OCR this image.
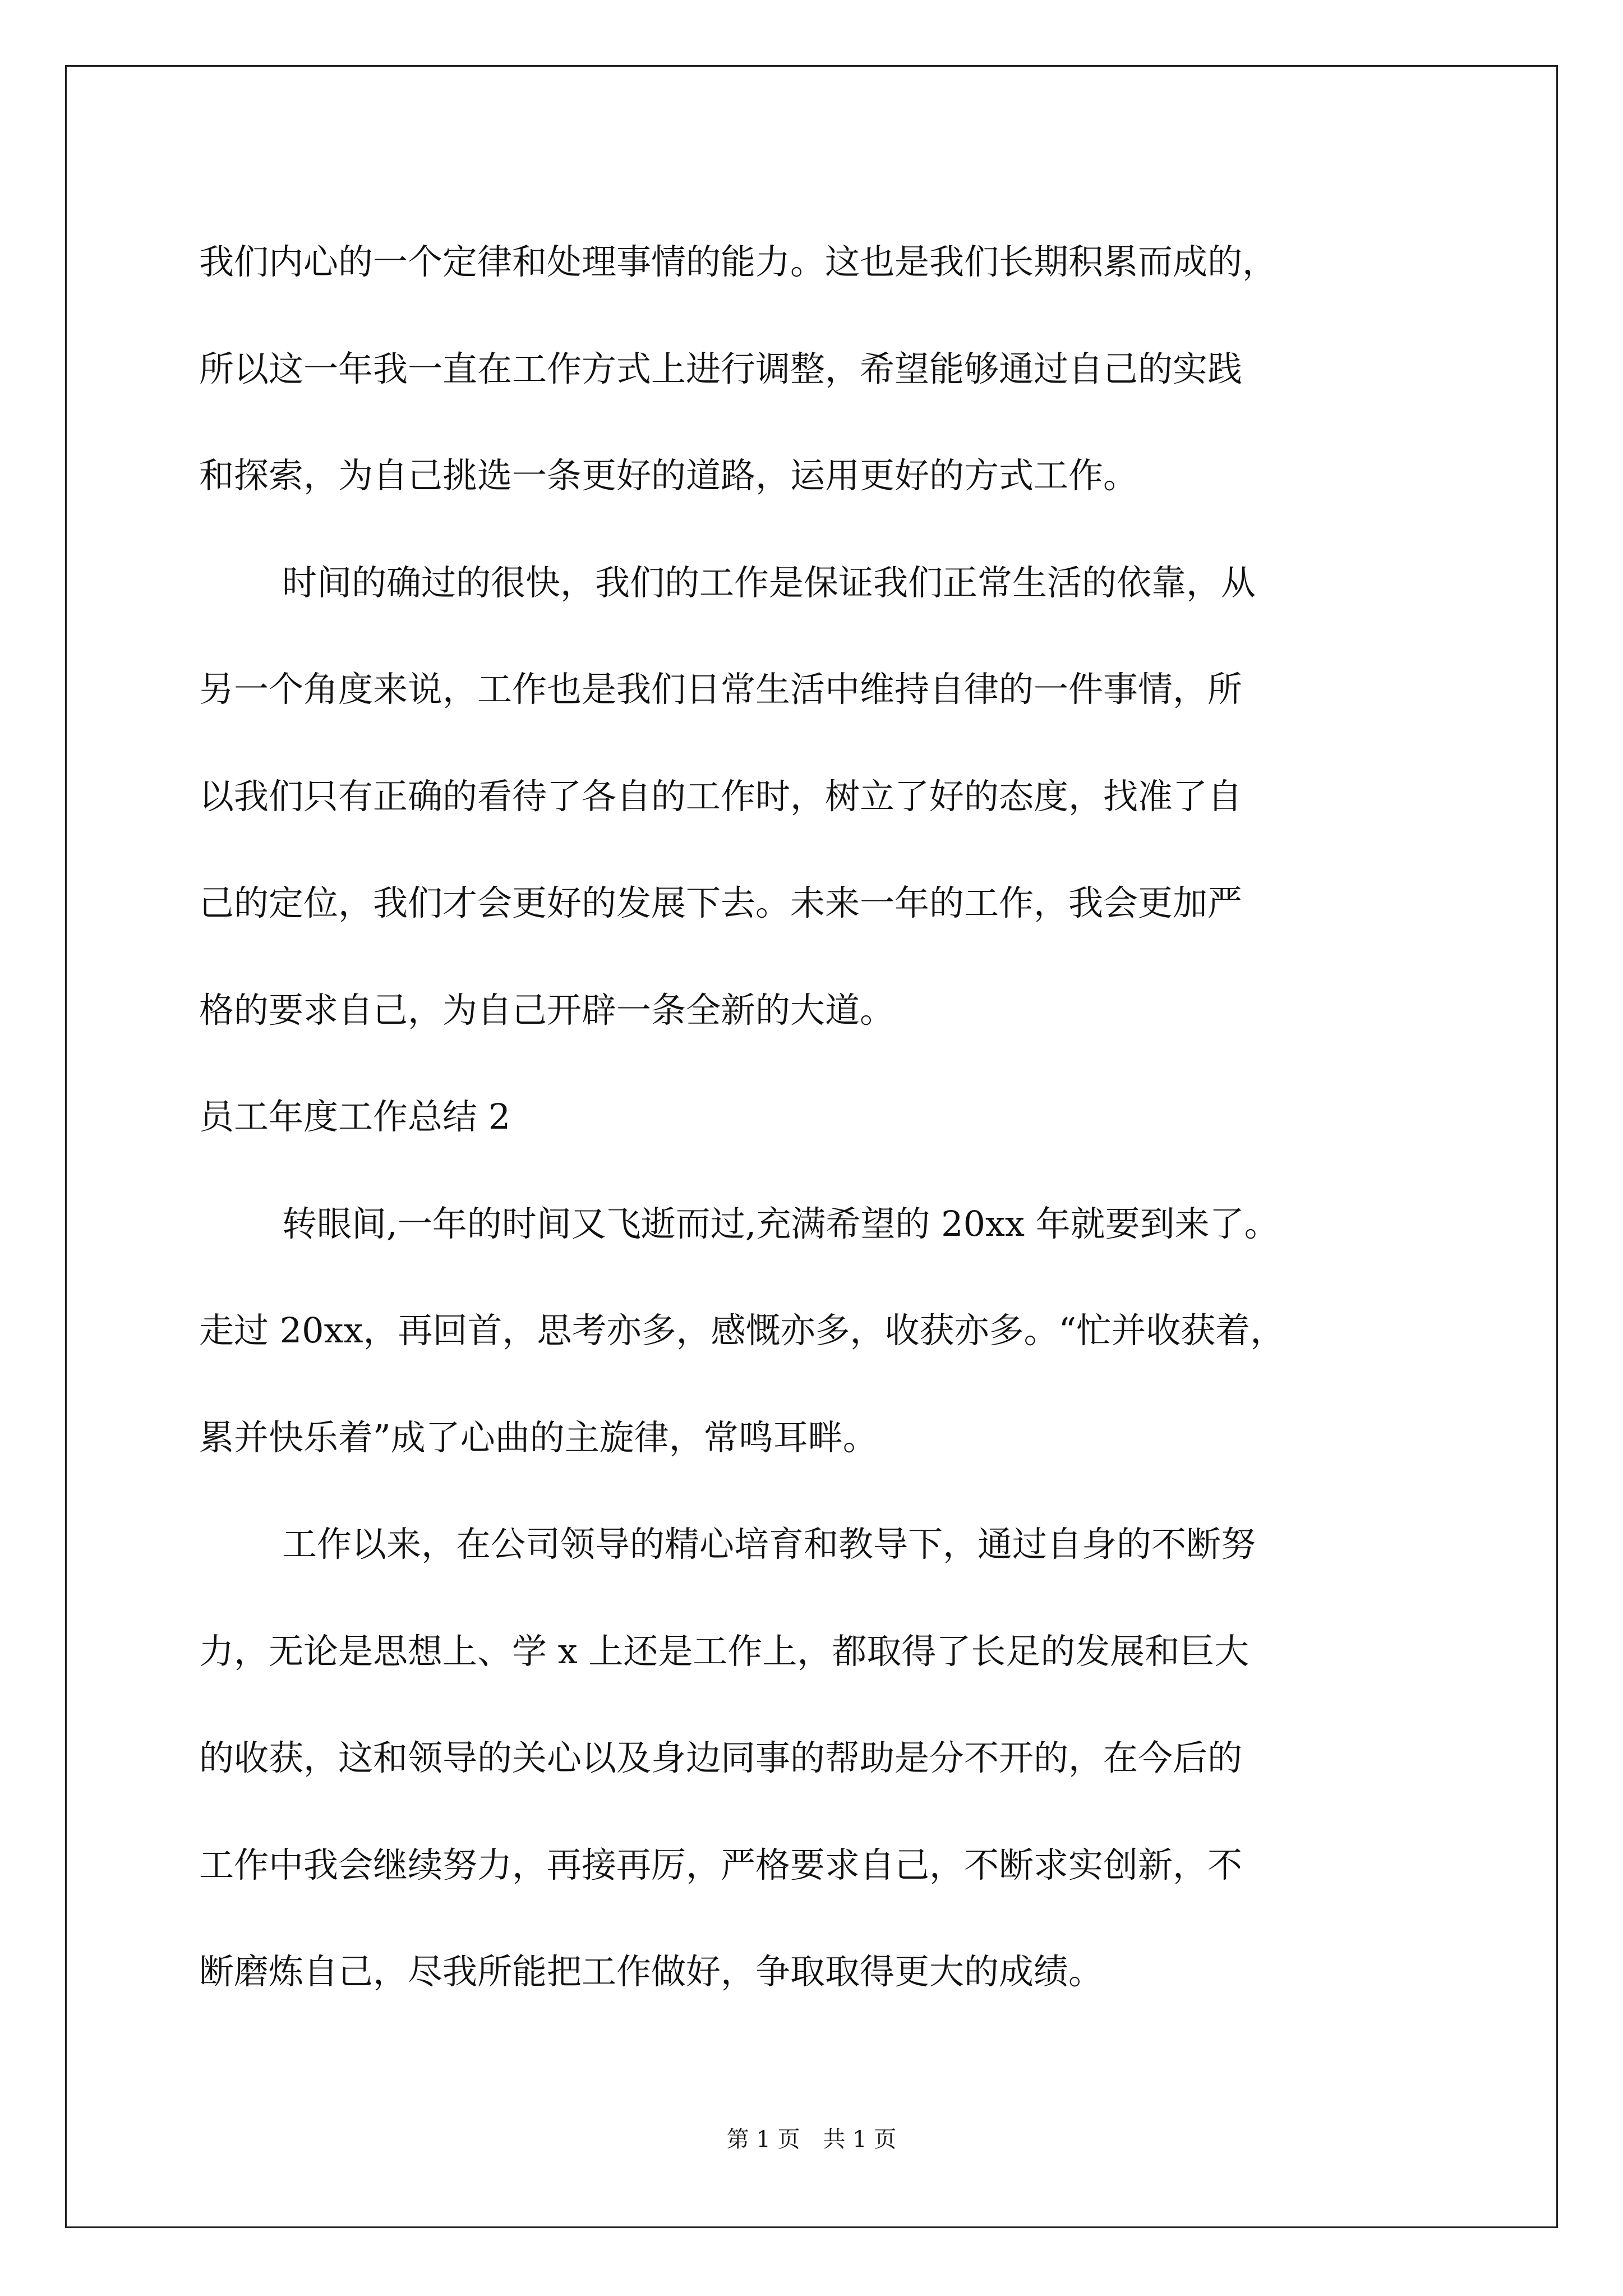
我们内心的一个定律和处理事情的能力。这也是我们长期积累而成的，
所以这一年我一直在工作方式上进行调整，希望能够通过自己的实践
和探索，为自己挑选一条更好的道路，运用更好的方式工作。
时间的确过的很快，我们的工作是保证我们正常生活的依靠，从
另一个角度来说，工作也是我们日常生活中维持自律的一件事情，所
以我们只有正确的看待了各自的工作时，树立了好的态度，找准了自
己的定位，我们才会更好的发展下去。未来一年的工作，我会更加严
格的要求自己，为自己开辟一条全新的大道。
员工年度工作总结 2
转眼间,一年的时间又飞逝而过,充满希望的 20xx 年就要到来了。
走过 20xx，再回首，思考亦多，感慨亦多，收获亦多。“忙并收获着，
累并快乐着”成了心曲的主旋律，常鸣耳畔。
工作以来，在公司领导的精心培育和教导下，通过自身的不断努
力，无论是思想上、学 x 上还是工作上，都取得了长足的发展和巨大
的收获，这和领导的关心以及身边同事的帮助是分不开的，在今后的
工作中我会继续努力，再接再厉，严格要求自己，不断求实创新，不
断磨炼自己，尽我所能把工作做好，争取取得更大的成绩。
第 1 页 共 1 页
